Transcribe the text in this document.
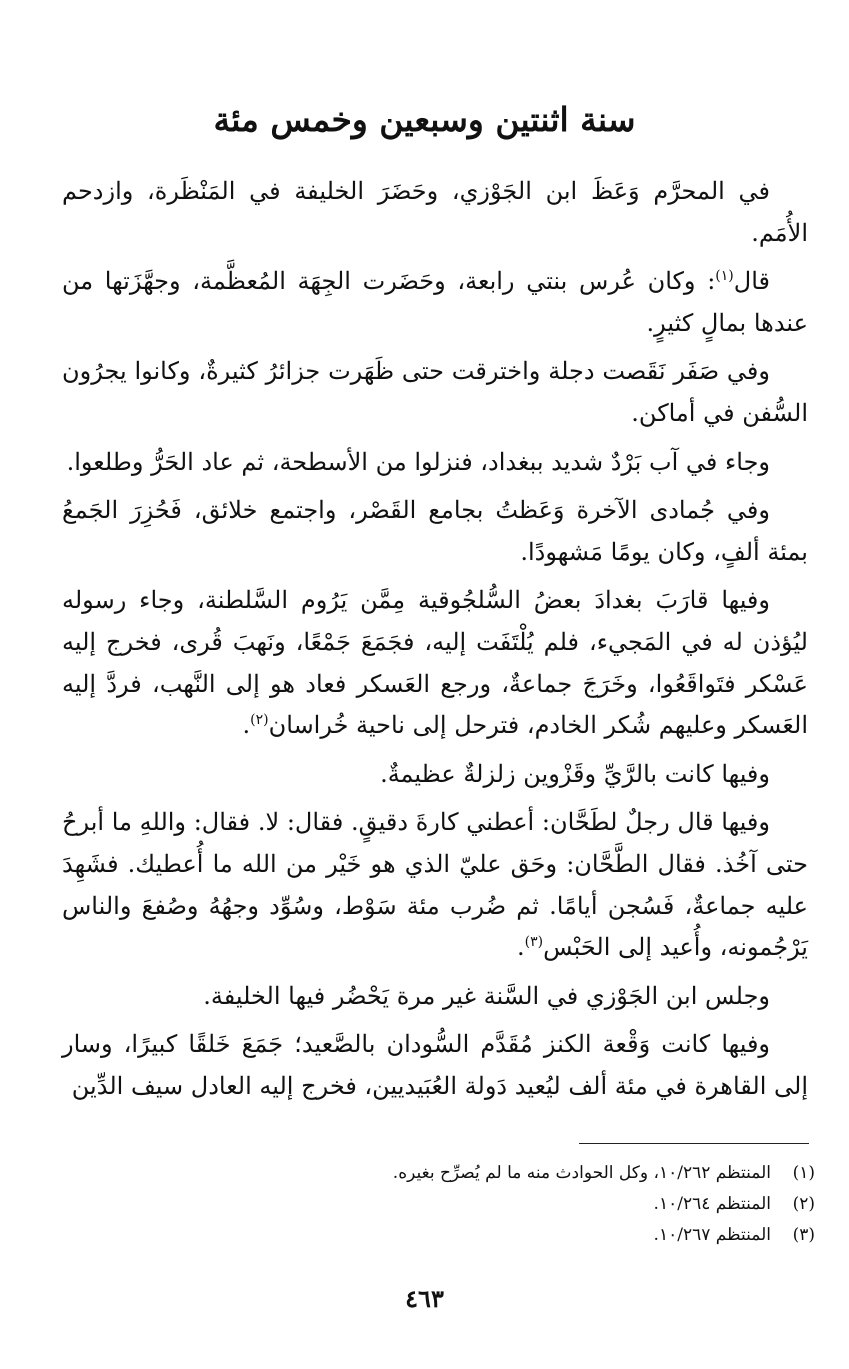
سنة اثنتين وسبعين وخمس مئة

في المحرَّم وَعَظَ ابن الجَوْزي، وحَضَرَ الخليفة في المَنْظَرة، وازدحم الأُمَم.

قال$^{(١)}$: وكان عُرس بنتي رابعة، وحَضَرت الجِهَة المُعظَّمة، وجهَّزَتها من عندها بمالٍ كثيرٍ.

وفي صَفَر نَقَصت دجلة واخترقت حتى ظَهَرت جزائرُ كثيرةٌ، وكانوا يجرُون السُّفن في أماكن.

وجاء في آب بَرْدٌ شديد ببغداد، فنزلوا من الأسطحة، ثم عاد الحَرُّ وطلعوا.

وفي جُمادى الآخرة وَعَظتُ بجامع القَصْر، واجتمع خلائق، فَحُزِرَ الجَمعُ بمئة ألفٍ، وكان يومًا مَشهودًا.

وفيها قارَبَ بغدادَ بعضُ السُّلجُوقية مِمَّن يَرُوم السَّلطنة، وجاء رسوله ليُؤذن له في المَجيء، فلم يُلْتَفَت إليه، فجَمَعَ جَمْعًا، ونَهبَ قُرى، فخرج إليه عَسْكر فتَواقَعُوا، وخَرَجَ جماعةٌ، ورجع العَسكر فعاد هو إلى النَّهب، فردَّ إليه العَسكر وعليهم شُكر الخادم، فترحل إلى ناحية خُراسان$^{(٢)}$.

وفيها كانت بالرَّيِّ وقَزْوين زلزلةٌ عظيمةٌ.

وفيها قال رجلٌ لطَحَّان: أعطني كارةَ دقيقٍ. فقال: لا. فقال: واللهِ ما أبرحُ حتى آخُذ. فقال الطَّحَّان: وحَق عليّ الذي هو خَيْر من الله ما أُعطيك. فشَهِدَ عليه جماعةٌ، فَسُجن أيامًا. ثم ضُرب مئة سَوْط، وسُوِّد وجهُهُ وصُفعَ والناس يَرْجُمونه، وأُعيد إلى الحَبْس$^{(٣)}$.

وجلس ابن الجَوْزي في السَّنة غير مرة يَحْضُر فيها الخليفة.

وفيها كانت وَقْعة الكنز مُقَدَّم السُّودان بالصَّعيد؛ جَمَعَ خَلقًا كبيرًا، وسار إلى القاهرة في مئة ألف ليُعيد دَولة العُبَيديين، فخرج إليه العادل سيف الدِّين

(١)
المنتظم ١٠/٢٦٢، وكل الحوادث منه ما لم يُصرِّح بغيره.
(٢)
المنتظم ١٠/٢٦٤.
(٣)
المنتظم ١٠/٢٦٧.
٤٦٣
